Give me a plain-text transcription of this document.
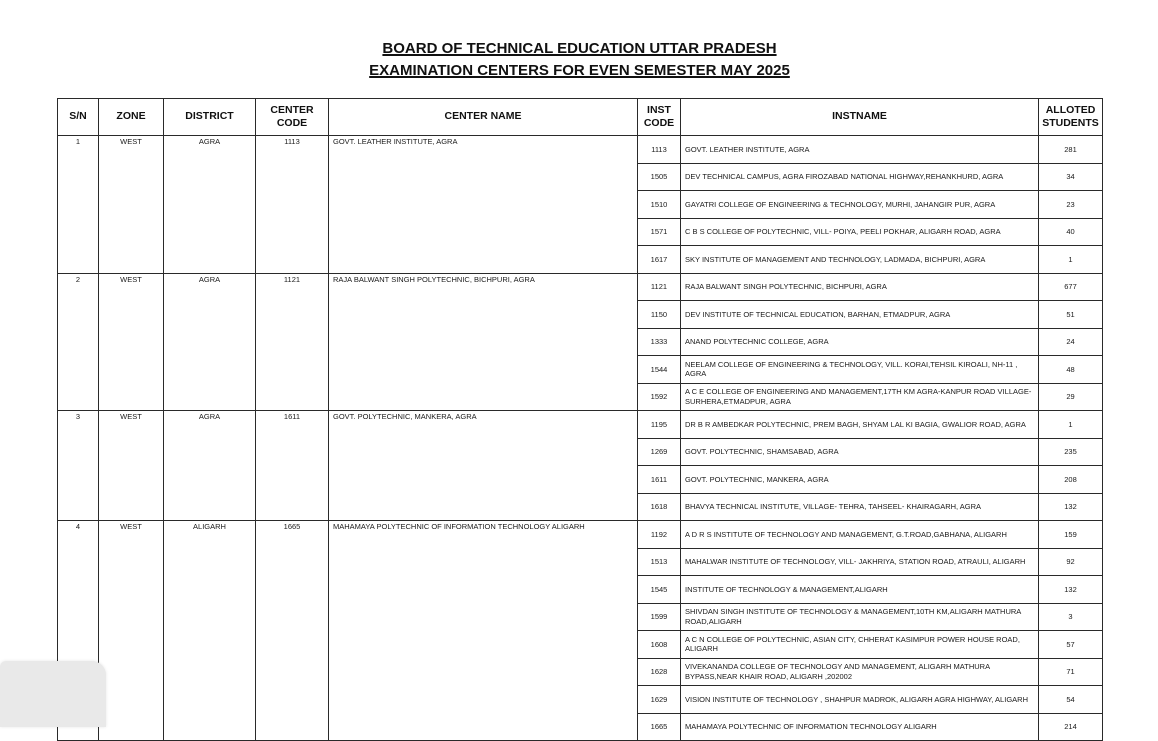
BOARD OF TECHNICAL EDUCATION UTTAR PRADESH
EXAMINATION CENTERS FOR EVEN SEMESTER MAY 2025
S/N	ZONE	DISTRICT	CENTER CODE	CENTER NAME	INST CODE	INSTNAME	ALLOTED STUDENTS
1	WEST	AGRA	1113	GOVT. LEATHER INSTITUTE, AGRA	1113	GOVT. LEATHER INSTITUTE, AGRA	281
					1505	DEV TECHNICAL CAMPUS, AGRA FIROZABAD NATIONAL HIGHWAY,REHANKHURD, AGRA	34
					1510	GAYATRI COLLEGE OF ENGINEERING & TECHNOLOGY, MURHI, JAHANGIR PUR, AGRA	23
					1571	C B S COLLEGE OF POLYTECHNIC, VILL- POIYA, PEELI POKHAR, ALIGARH ROAD, AGRA	40
					1617	SKY INSTITUTE OF MANAGEMENT AND TECHNOLOGY, LADMADA, BICHPURI, AGRA	1
2	WEST	AGRA	1121	RAJA BALWANT SINGH POLYTECHNIC, BICHPURI, AGRA	1121	RAJA BALWANT SINGH POLYTECHNIC, BICHPURI, AGRA	677
					1150	DEV INSTITUTE OF TECHNICAL EDUCATION, BARHAN, ETMADPUR, AGRA	51
					1333	ANAND POLYTECHNIC COLLEGE, AGRA	24
					1544	NEELAM COLLEGE OF ENGINEERING & TECHNOLOGY, VILL. KORAI,TEHSIL KIROALI, NH-11 , AGRA	48
					1592	A C E COLLEGE OF ENGINEERING AND MANAGEMENT,17TH KM AGRA-KANPUR ROAD VILLAGE-SURHERA,ETMADPUR, AGRA	29
3	WEST	AGRA	1611	GOVT. POLYTECHNIC, MANKERA, AGRA	1195	DR B R AMBEDKAR POLYTECHNIC, PREM BAGH, SHYAM LAL KI BAGIA, GWALIOR ROAD, AGRA	1
					1269	GOVT. POLYTECHNIC, SHAMSABAD, AGRA	235
					1611	GOVT. POLYTECHNIC, MANKERA, AGRA	208
					1618	BHAVYA TECHNICAL INSTITUTE, VILLAGE- TEHRA, TAHSEEL- KHAIRAGARH, AGRA	132
4	WEST	ALIGARH	1665	MAHAMAYA POLYTECHNIC OF INFORMATION TECHNOLOGY ALIGARH	1192	A D R S INSTITUTE OF TECHNOLOGY AND MANAGEMENT, G.T.ROAD,GABHANA, ALIGARH	159
					1513	MAHALWAR INSTITUTE OF TECHNOLOGY, VILL- JAKHRIYA, STATION ROAD, ATRAULI, ALIGARH	92
					1545	INSTITUTE OF TECHNOLOGY & MANAGEMENT,ALIGARH	132
					1599	SHIVDAN SINGH INSTITUTE OF TECHNOLOGY & MANAGEMENT,10TH KM,ALIGARH MATHURA ROAD,ALIGARH	3
					1608	A C N COLLEGE OF POLYTECHNIC, ASIAN CITY, CHHERAT KASIMPUR POWER HOUSE ROAD, ALIGARH	57
					1628	VIVEKANANDA COLLEGE OF TECHNOLOGY AND MANAGEMENT, ALIGARH MATHURA BYPASS,NEAR KHAIR ROAD, ALIGARH ,202002	71
					1629	VISION INSTITUTE OF TECHNOLOGY , SHAHPUR MADROK, ALIGARH AGRA HIGHWAY, ALIGARH	54
					1665	MAHAMAYA POLYTECHNIC OF INFORMATION TECHNOLOGY ALIGARH	214
